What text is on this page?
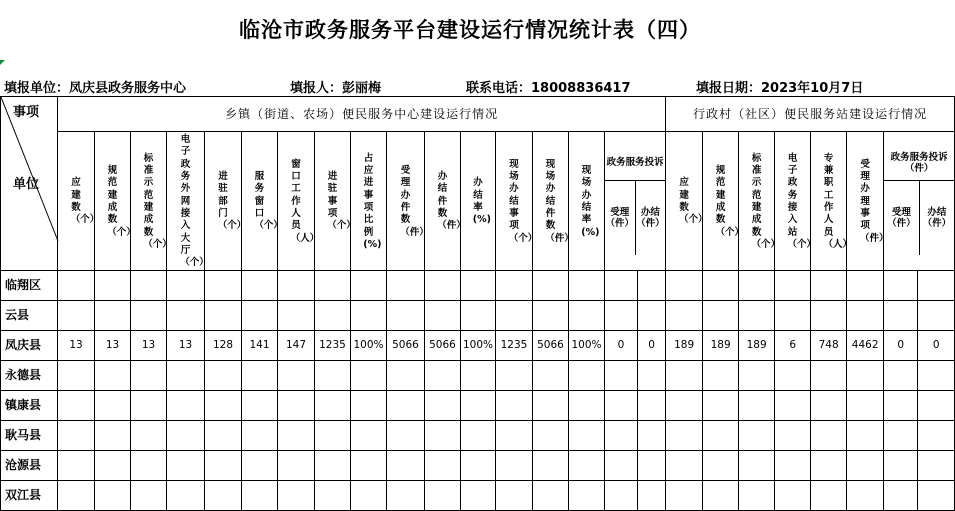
临沧市政务服务平台建设运行情况统计表（四）
填报单位：凤庆县政务服务中心	填报人：彭丽梅	联系电话：18008836417	填报日期：2023年10月7日
事项
单位
	乡镇（街道、农场）便民服务中心建设运行情况	行政村（社区）便民服务站建设运行情况
应建数（个）	规范建成数（个）	标准示范建成数（个）	电子政务外网接入大厅（个）	进驻部门（个）	服务窗口（个）	窗口工作人员（人）	进驻事项（个）	占应进事项比例(%)	受理办件数（件）	办结件数（件）	办结率(%)	现场办结事项（个）	现场办结件数（件）	现场办结率(%)	
政务服务投诉
受理（件）	办结（件）
	应建数（个）	规范建成数（个）	标准示范建成数（个）	电子政务接入站（个）	专兼职工作人员（人）	受理办理事项（件）	
政务服务投诉（件）
受理（件）	办结（件）

临翔区																									
云县																									
凤庆县	13	13	13	13	128	141	147	1235	100%	5066	5066	100%	1235	5066	100%	0	0	189	189	189	6	748	4462	0	0
永德县																									
镇康县																									
耿马县																									
沧源县																									
双江县																									
